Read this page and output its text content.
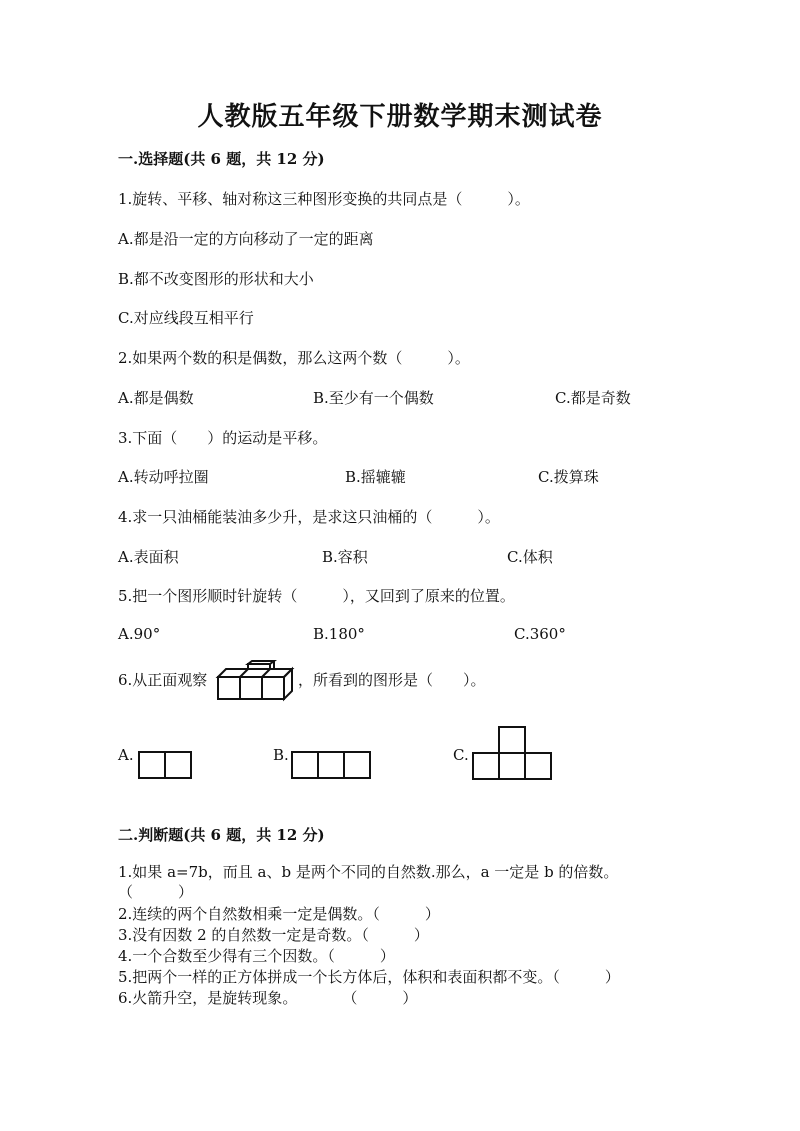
人教版五年级下册数学期末测试卷
一.选择题(共 6 题，共 12 分)
1.旋转、平移、轴对称这三种图形变换的共同点是（　　　）。
A.都是沿一定的方向移动了一定的距离
B.都不改变图形的形状和大小
C.对应线段互相平行
2.如果两个数的积是偶数，那么这两个数（　　　）。
A.都是偶数	B.至少有一个偶数	C.都是奇数
3.下面（　　）的运动是平移。
A.转动呼拉圈	B.摇辘辘	C.拨算珠
4.求一只油桶能装油多少升，是求这只油桶的（　　　）。
A.表面积	B.容积	C.体积
5.把一个图形顺时针旋转（　　　），又回到了原来的位置。
A.90°	B.180°	C.360°
6.从正面观察	，所看到的图形是（　　）。
A.	B.	C.
二.判断题(共 6 题，共 12 分)
1.如果 a=7b，而且 a、b 是两个不同的自然数.那么，a 一定是 b 的倍数。
（　　　）
2.连续的两个自然数相乘一定是偶数。（　　　）
3.没有因数 2 的自然数一定是奇数。（　　　）
4.一个合数至少得有三个因数。（　　　）
5.把两个一样的正方体拼成一个长方体后，体积和表面积都不变。（　　　）
6.火箭升空，是旋转现象。　　　　（　　　）
